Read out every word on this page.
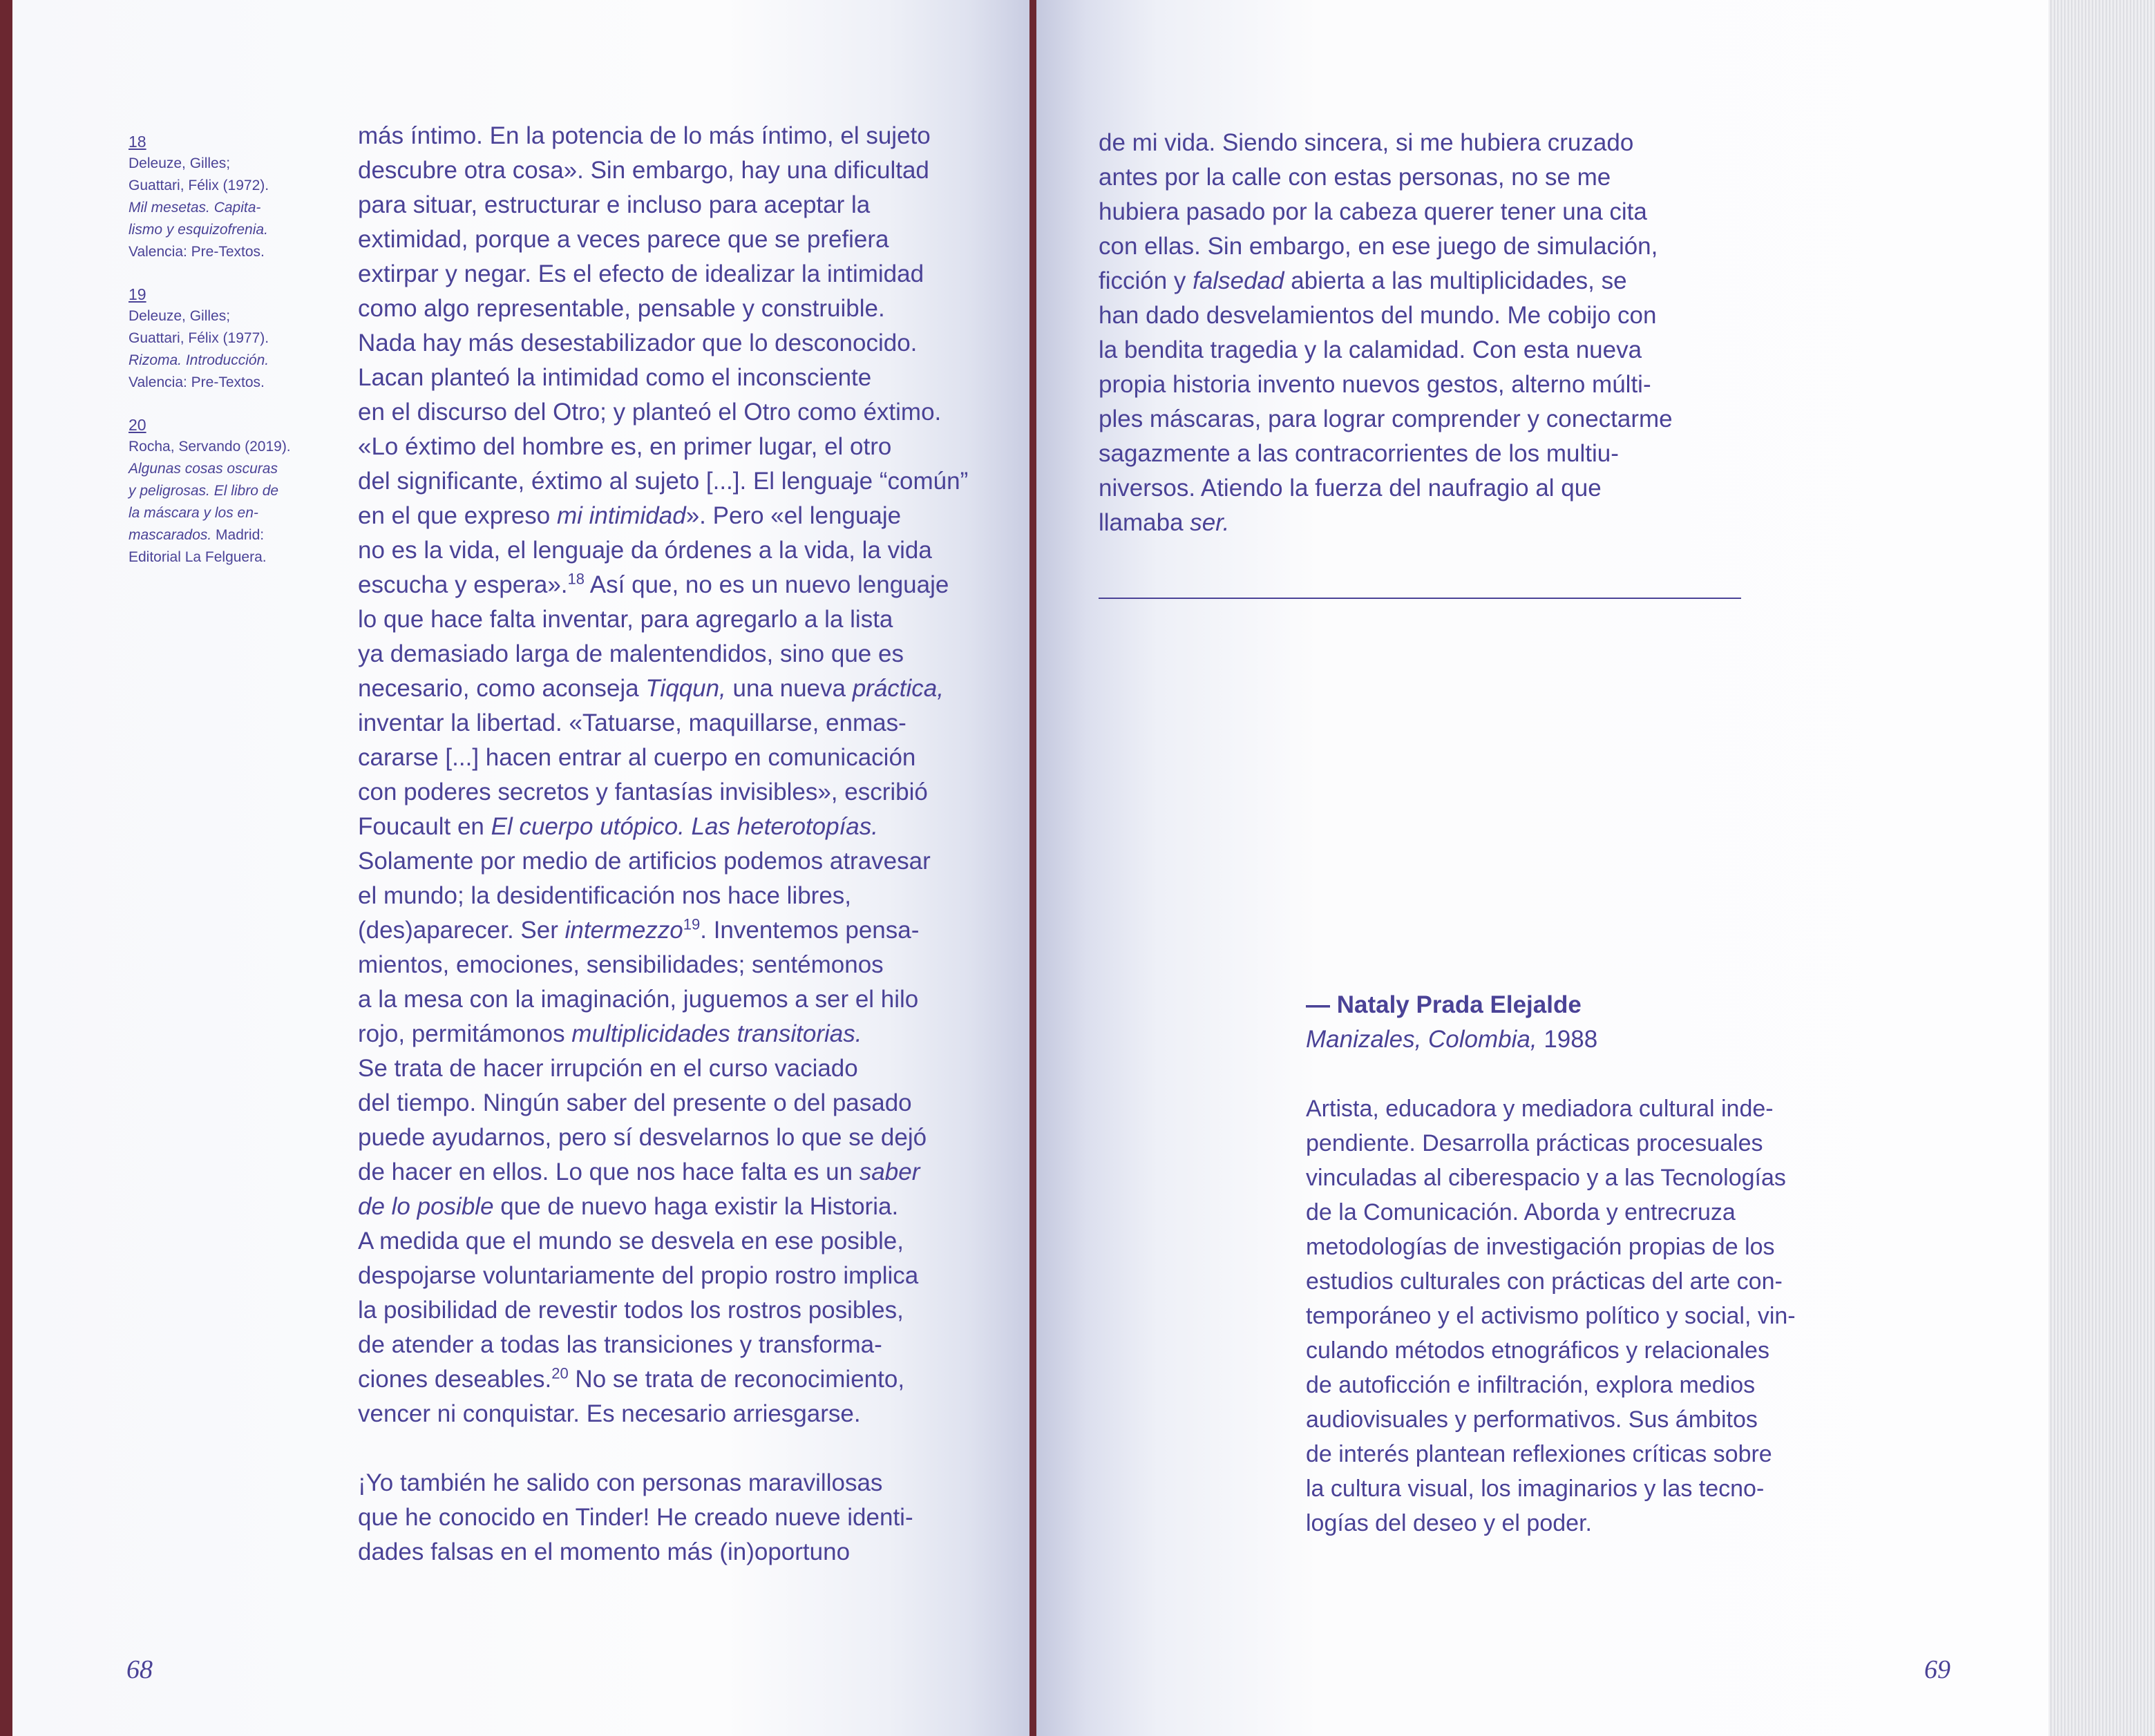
18
Deleuze, Gilles;
Guattari, Félix (1972).
Mil mesetas. Capita-
lismo y esquizofrenia.
Valencia: Pre-Textos.
19
Deleuze, Gilles;
Guattari, Félix (1977).
Rizoma. Introducción.
Valencia: Pre-Textos.
20
Rocha, Servando (2019).
Algunas cosas oscuras
y peligrosas. El libro de
la máscara y los en-
mascarados. Madrid:
Editorial La Felguera.
más íntimo. En la potencia de lo más íntimo, el sujeto
descubre otra cosa». Sin embargo, hay una dificultad
para situar, estructurar e incluso para aceptar la
extimidad, porque a veces parece que se prefiera
extirpar y negar. Es el efecto de idealizar la intimidad
como algo representable, pensable y construible.
Nada hay más desestabilizador que lo desconocido.
Lacan planteó la intimidad como el inconsciente
en el discurso del Otro; y planteó el Otro como éxtimo.
«Lo éxtimo del hombre es, en primer lugar, el otro
del significante, éxtimo al sujeto [...]. El lenguaje “común”
en el que expreso mi intimidad». Pero «el lenguaje
no es la vida, el lenguaje da órdenes a la vida, la vida
escucha y espera».$^{18}$ Así que, no es un nuevo lenguaje
lo que hace falta inventar, para agregarlo a la lista
ya demasiado larga de malentendidos, sino que es
necesario, como aconseja Tiqqun, una nueva práctica,
inventar la libertad. «Tatuarse, maquillarse, enmas-
cararse [...] hacen entrar al cuerpo en comunicación
con poderes secretos y fantasías invisibles», escribió
Foucault en El cuerpo utópico. Las heterotopías.
Solamente por medio de artificios podemos atravesar
el mundo; la desidentificación nos hace libres,
(des)aparecer. Ser intermezzo$^{19}$. Inventemos pensa-
mientos, emociones, sensibilidades; sentémonos
a la mesa con la imaginación, juguemos a ser el hilo
rojo, permitámonos multiplicidades transitorias.
Se trata de hacer irrupción en el curso vaciado
del tiempo. Ningún saber del presente o del pasado
puede ayudarnos, pero sí desvelarnos lo que se dejó
de hacer en ellos. Lo que nos hace falta es un saber
de lo posible que de nuevo haga existir la Historia.
A medida que el mundo se desvela en ese posible,
despojarse voluntariamente del propio rostro implica
la posibilidad de revestir todos los rostros posibles,
de atender a todas las transiciones y transforma-
ciones deseables.$^{20}$ No se trata de reconocimiento,
vencer ni conquistar. Es necesario arriesgarse.
¡Yo también he salido con personas maravillosas
que he conocido en Tinder! He creado nueve identi-
dades falsas en el momento más (in)oportuno
68
de mi vida. Siendo sincera, si me hubiera cruzado
antes por la calle con estas personas, no se me
hubiera pasado por la cabeza querer tener una cita
con ellas. Sin embargo, en ese juego de simulación,
ficción y falsedad abierta a las multiplicidades, se
han dado desvelamientos del mundo. Me cobijo con
la bendita tragedia y la calamidad. Con esta nueva
propia historia invento nuevos gestos, alterno múlti-
ples máscaras, para lograr comprender y conectarme
sagazmente a las contracorrientes de los multiu-
niversos. Atiendo la fuerza del naufragio al que
llamaba ser.
— Nataly Prada Elejalde
Manizales, Colombia, 1988
Artista, educadora y mediadora cultural inde-
pendiente. Desarrolla prácticas procesuales
vinculadas al ciberespacio y a las Tecnologías
de la Comunicación. Aborda y entrecruza
metodologías de investigación propias de los
estudios culturales con prácticas del arte con-
temporáneo y el activismo político y social, vin-
culando métodos etnográficos y relacionales
de autoficción e infiltración, explora medios
audiovisuales y performativos. Sus ámbitos
de interés plantean reflexiones críticas sobre
la cultura visual, los imaginarios y las tecno-
logías del deseo y el poder.
69
